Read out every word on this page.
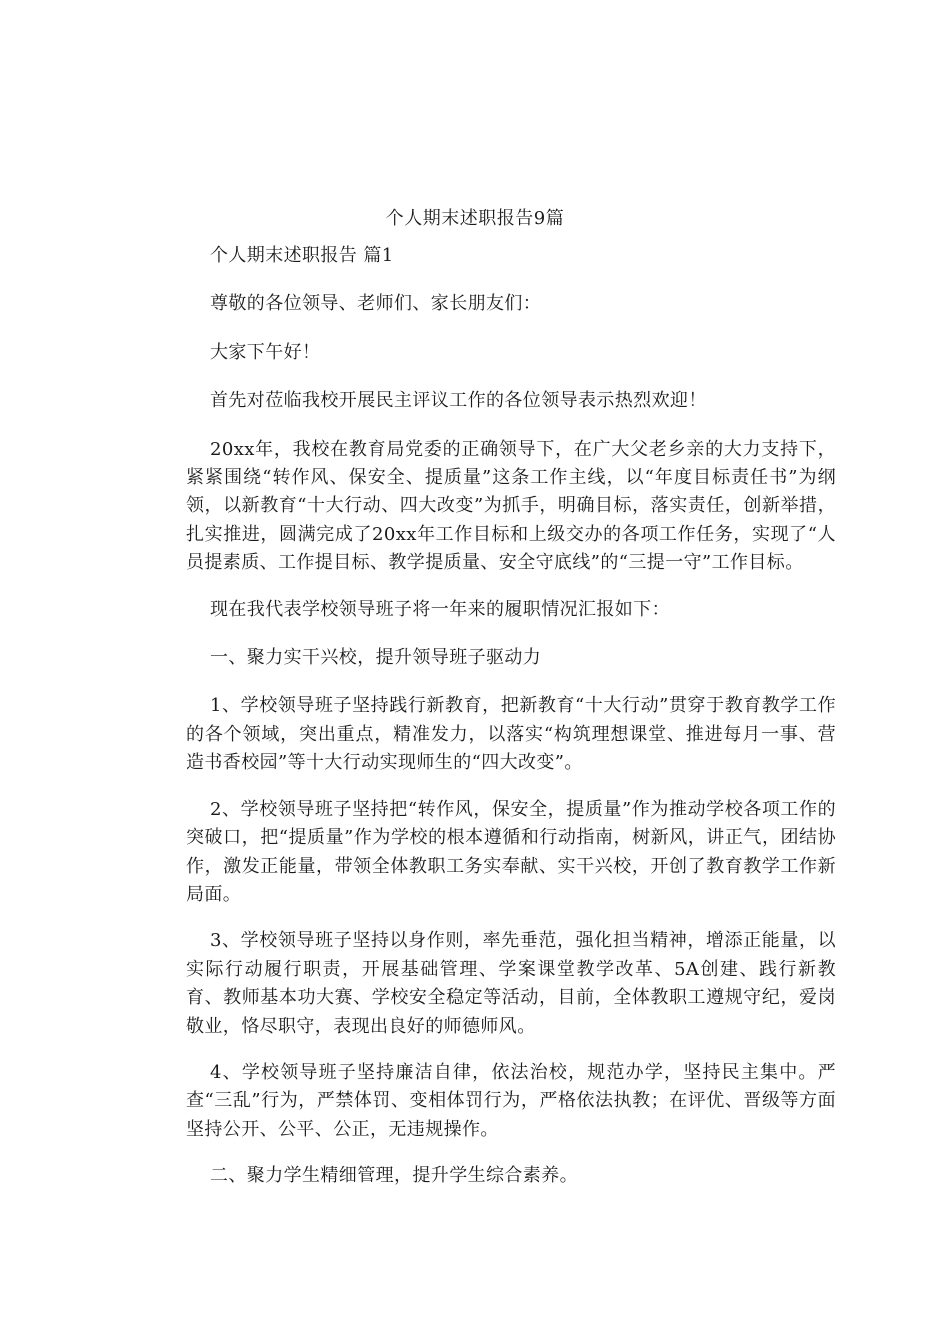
个人期末述职报告9篇

个人期末述职报告 篇1

尊敬的各位领导、老师们、家长朋友们：

大家下午好！

首先对莅临我校开展民主评议工作的各位领导表示热烈欢迎！

20xx年，我校在教育局党委的正确领导下，在广大父老乡亲的大力支持下，紧紧围绕“转作风、保安全、提质量”这条工作主线，以“年度目标责任书”为纲领，以新教育“十大行动、四大改变”为抓手，明确目标，落实责任，创新举措，扎实推进，圆满完成了20xx年工作目标和上级交办的各项工作任务，实现了“人员提素质、工作提目标、教学提质量、安全守底线”的“三提一守”工作目标。

现在我代表学校领导班子将一年来的履职情况汇报如下：

一、聚力实干兴校，提升领导班子驱动力

1、学校领导班子坚持践行新教育，把新教育“十大行动”贯穿于教育教学工作的各个领域，突出重点，精准发力，以落实“构筑理想课堂、推进每月一事、营造书香校园”等十大行动实现师生的“四大改变”。

2、学校领导班子坚持把“转作风，保安全，提质量”作为推动学校各项工作的突破口，把“提质量”作为学校的根本遵循和行动指南，树新风，讲正气，团结协作，激发正能量，带领全体教职工务实奉献、实干兴校，开创了教育教学工作新局面。

3、学校领导班子坚持以身作则，率先垂范，强化担当精神，增添正能量，以实际行动履行职责，开展基础管理、学案课堂教学改革、5A创建、践行新教育、教师基本功大赛、学校安全稳定等活动，目前，全体教职工遵规守纪，爱岗敬业，恪尽职守，表现出良好的师德师风。

4、学校领导班子坚持廉洁自律，依法治校，规范办学，坚持民主集中。严查“三乱”行为，严禁体罚、变相体罚行为，严格依法执教；在评优、晋级等方面坚持公开、公平、公正，无违规操作。

二、聚力学生精细管理，提升学生综合素养。
